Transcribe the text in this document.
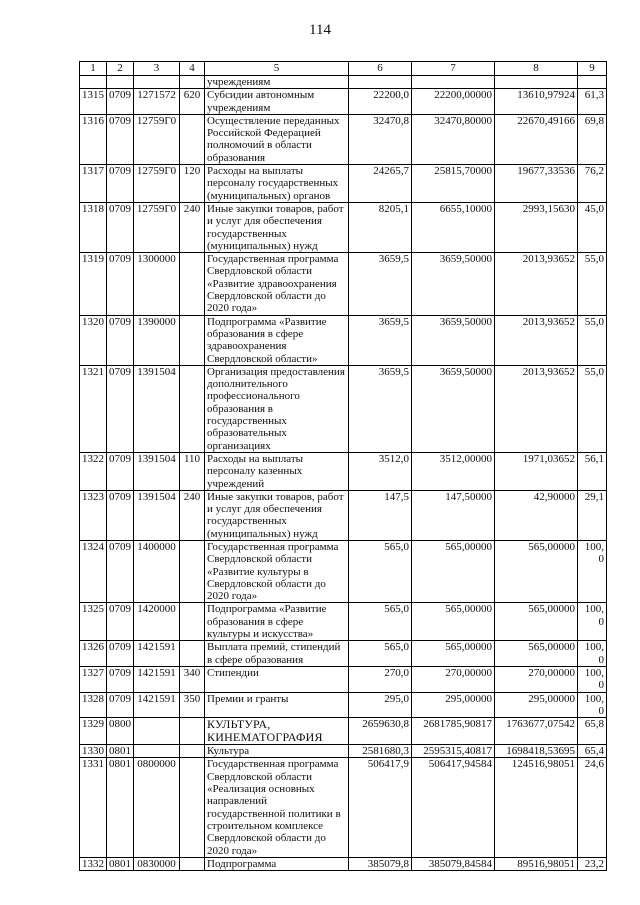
114
1	2	3	4	5	6	7	8	9
				учреждениям				
1315	0709	1271572	620	Субсидии автономным учреждениям	22200,0	22200,00000	13610,97924	61,3
1316	0709	12759Г0		Осуществление переданных Российской Федерацией полномочий в области образования	32470,8	32470,80000	22670,49166	69,8
1317	0709	12759Г0	120	Расходы на выплаты персоналу государственных (муниципальных) органов	24265,7	25815,70000	19677,33536	76,2
1318	0709	12759Г0	240	Иные закупки товаров, работ и услуг для обеспечения государственных (муниципальных) нужд	8205,1	6655,10000	2993,15630	45,0
1319	0709	1300000		Государственная программа Свердловской области «Развитие здравоохранения Свердловской области до 2020 года»	3659,5	3659,50000	2013,93652	55,0
1320	0709	1390000		Подпрограмма «Развитие образования в сфере здравоохранения Свердловской области»	3659,5	3659,50000	2013,93652	55,0
1321	0709	1391504		Организация предоставления дополнительного профессионального образования в государственных образовательных организациях	3659,5	3659,50000	2013,93652	55,0
1322	0709	1391504	110	Расходы на выплаты персоналу казенных учреждений	3512,0	3512,00000	1971,03652	56,1
1323	0709	1391504	240	Иные закупки товаров, работ и услуг для обеспечения государственных (муниципальных) нужд	147,5	147,50000	42,90000	29,1
1324	0709	1400000		Государственная программа Свердловской области «Развитие культуры в Свердловской области до 2020 года»	565,0	565,00000	565,00000	100,0
1325	0709	1420000		Подпрограмма «Развитие образования в сфере культуры и искусства»	565,0	565,00000	565,00000	100,0
1326	0709	1421591		Выплата премий, стипендий в сфере образования	565,0	565,00000	565,00000	100,0
1327	0709	1421591	340	Стипендии	270,0	270,00000	270,00000	100,0
1328	0709	1421591	350	Премии и гранты	295,0	295,00000	295,00000	100,0
1329	0800			КУЛЬТУРА, КИНЕМАТОГРАФИЯ	2659630,8	2681785,90817	1763677,07542	65,8
1330	0801			Культура	2581680,3	2595315,40817	1698418,53695	65,4
1331	0801	0800000		Государственная программа Свердловской области «Реализация основных направлений государственной политики в строительном комплексе Свердловской области до 2020 года»	506417,9	506417,94584	124516,98051	24,6
1332	0801	0830000		Подпрограмма	385079,8	385079,84584	89516,98051	23,2
